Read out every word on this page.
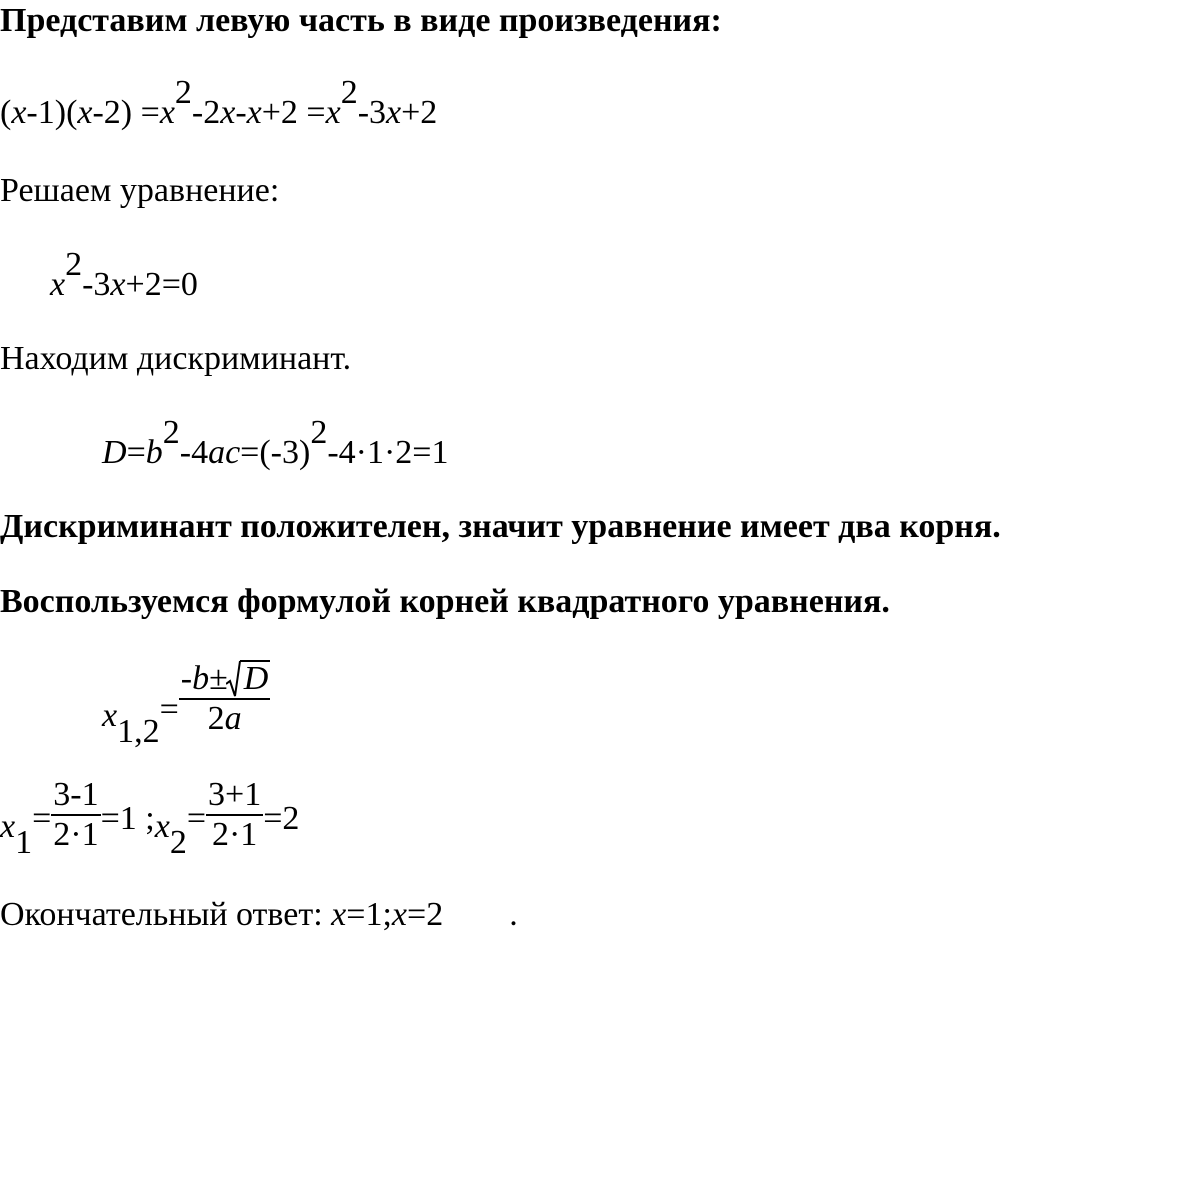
Представим левую часть в виде произведения:
(x-1)(x-2) =x2-2x-x+2 =x2-3x+2
Решаем уравнение:
x2-3x+2=0
Находим дискриминант.
D=b2-4ac=(-3)2-4·1·2=1
Дискриминант положителен, значит уравнение имеет два корня.
Воспользуемся формулой корней квадратного уравнения.
$x1,2= \frac{-b\pm D}{2a}$
$x1= \frac{3-1}{2\cdot 1} =1$ ;x2= $\frac{3+1}{2\cdot 1} =2$
Окончательный ответ: x=1;x=2 .
